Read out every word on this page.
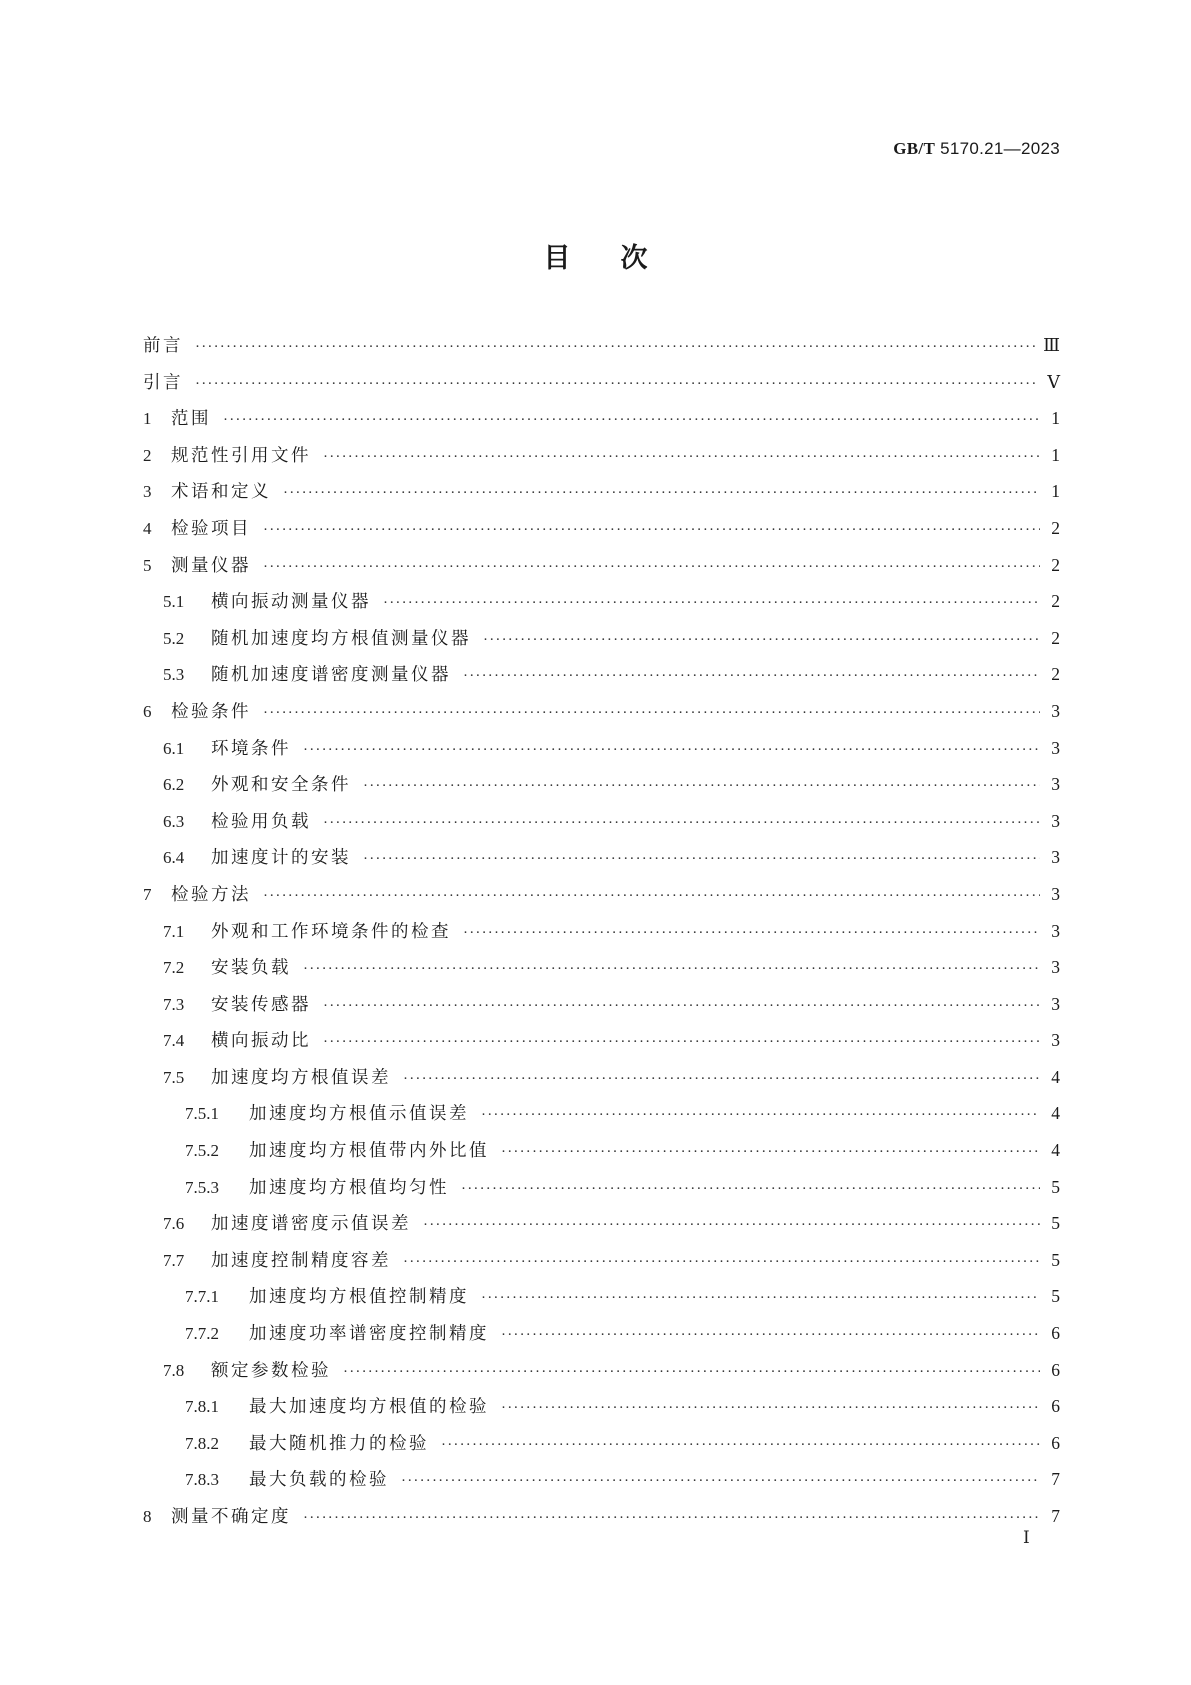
GB/T 5170.21—2023
目次
前言 ·····	Ⅲ
引言 ·····	Ⅴ
1	范围 ·····	1
2	规范性引用文件 ·····	1
3	术语和定义 ·····	1
4	检验项目 ·····	2
5	测量仪器 ·····	2
5.1	横向振动测量仪器 ·····	2
5.2	随机加速度均方根值测量仪器 ·····	2
5.3	随机加速度谱密度测量仪器 ·····	2
6	检验条件 ·····	3
6.1	环境条件 ·····	3
6.2	外观和安全条件 ·····	3
6.3	检验用负载 ·····	3
6.4	加速度计的安装 ·····	3
7	检验方法 ·····	3
7.1	外观和工作环境条件的检查 ·····	3
7.2	安装负载 ·····	3
7.3	安装传感器 ·····	3
7.4	横向振动比 ·····	3
7.5	加速度均方根值误差 ·····	4
7.5.1	加速度均方根值示值误差 ·····	4
7.5.2	加速度均方根值带内外比值 ·····	4
7.5.3	加速度均方根值均匀性 ·····	5
7.6	加速度谱密度示值误差 ·····	5
7.7	加速度控制精度容差 ·····	5
7.7.1	加速度均方根值控制精度 ·····	5
7.7.2	加速度功率谱密度控制精度 ·····	6
7.8	额定参数检验 ·····	6
7.8.1	最大加速度均方根值的检验 ·····	6
7.8.2	最大随机推力的检验 ·····	6
7.8.3	最大负载的检验 ·····	7
8	测量不确定度 ·····	7
Ⅰ
